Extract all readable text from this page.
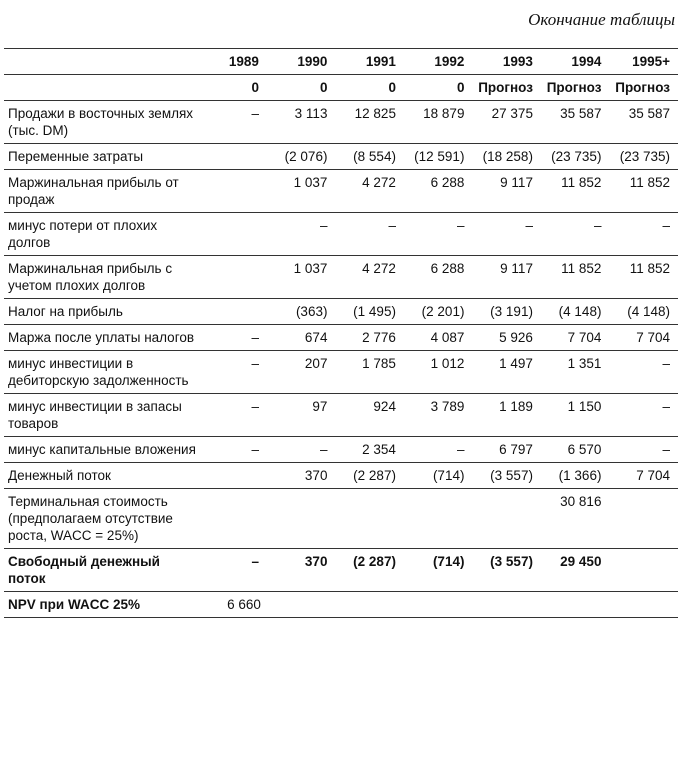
Окончание таблицы
	1989	1990	1991	1992	1993	1994	1995+
	0	0	0	0	Прогноз	Прогноз	Прогноз
Продажи в восточных землях (тыс. DM)	–	3 113	12 825	18 879	27 375	35 587	35 587
Переменные затраты		(2 076)	(8 554)	(12 591)	(18 258)	(23 735)	(23 735)
Маржинальная прибыль от продаж		1 037	4 272	6 288	9 117	11 852	11 852
минус потери от плохих долгов		–	–	–	–	–	–
Маржинальная прибыль с учетом плохих долгов		1 037	4 272	6 288	9 117	11 852	11 852
Налог на прибыль		(363)	(1 495)	(2 201)	(3 191)	(4 148)	(4 148)
Маржа после уплаты налогов	–	674	2 776	4 087	5 926	7 704	7 704
минус инвестиции в дебиторскую задолженность	–	207	1 785	1 012	1 497	1 351	–
минус инвестиции в запасы товаров	–	97	924	3 789	1 189	1 150	–
минус капитальные вложения	–	–	2 354	–	6 797	6 570	–
Денежный поток		370	(2 287)	(714)	(3 557)	(1 366)	7 704
Терминальная стоимость (предполагаем отсутствие роста, WACC = 25%)						30 816	
Свободный денежный поток	–	370	(2 287)	(714)	(3 557)	29 450	
NPV при WACC 25%	6 660						
